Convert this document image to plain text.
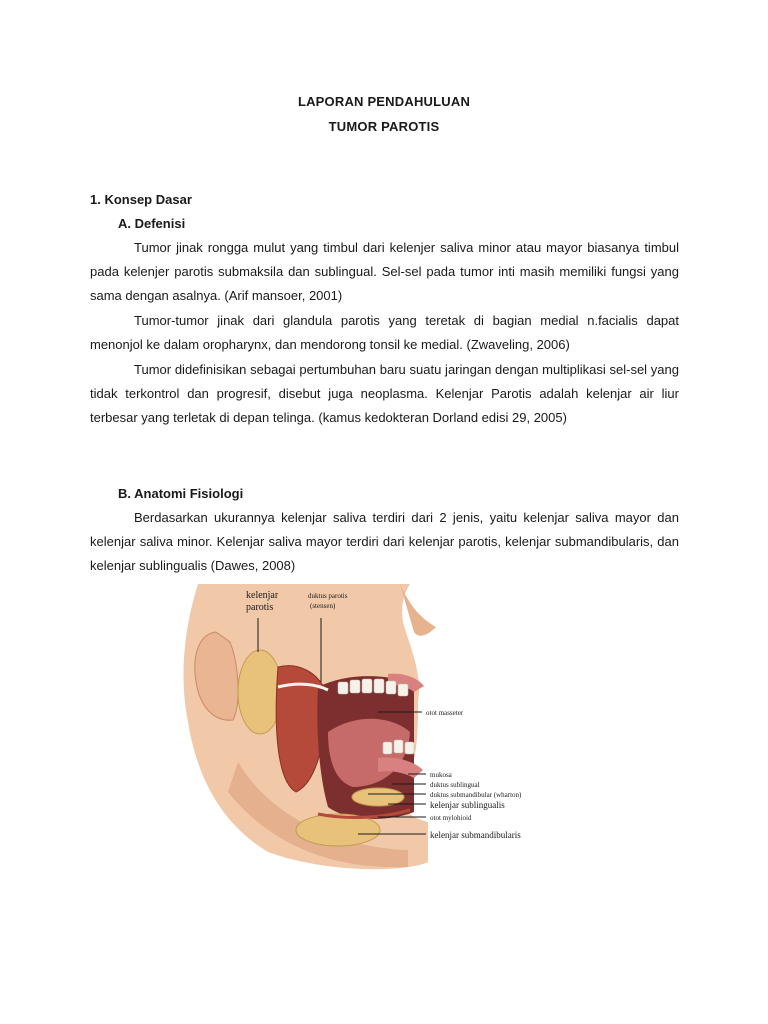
LAPORAN PENDAHULUAN
TUMOR PAROTIS
1. Konsep Dasar
A. Defenisi

Tumor jinak rongga mulut yang timbul dari kelenjer saliva minor atau mayor biasanya timbul pada kelenjer parotis submaksila dan sublingual. Sel-sel pada tumor inti masih memiliki fungsi yang sama dengan asalnya. (Arif mansoer, 2001)

Tumor-tumor jinak dari glandula parotis yang teretak di bagian medial n.facialis dapat menonjol ke dalam oropharynx, dan mendorong tonsil ke medial. (Zwaveling, 2006)

Tumor didefinisikan sebagai pertumbuhan baru suatu jaringan dengan multiplikasi sel-sel yang tidak terkontrol dan progresif, disebut juga neoplasma. Kelenjar Parotis adalah kelenjar air liur terbesar yang terletak di depan telinga. (kamus kedokteran Dorland edisi 29, 2005)

B. Anatomi Fisiologi

Berdasarkan ukurannya kelenjar saliva terdiri dari 2 jenis, yaitu kelenjar saliva mayor dan kelenjar saliva minor. Kelenjar saliva mayor terdiri dari kelenjar parotis, kelenjar submandibularis, dan kelenjar sublingualis (Dawes, 2008)

kelenjar
parotis
duktus parotis
(stensen)
otot masseter
mukosa
duktus sublingual
duktus submandibular (wharton)
kelenjar sublingualis
otot mylohioid
kelenjar submandibularis
